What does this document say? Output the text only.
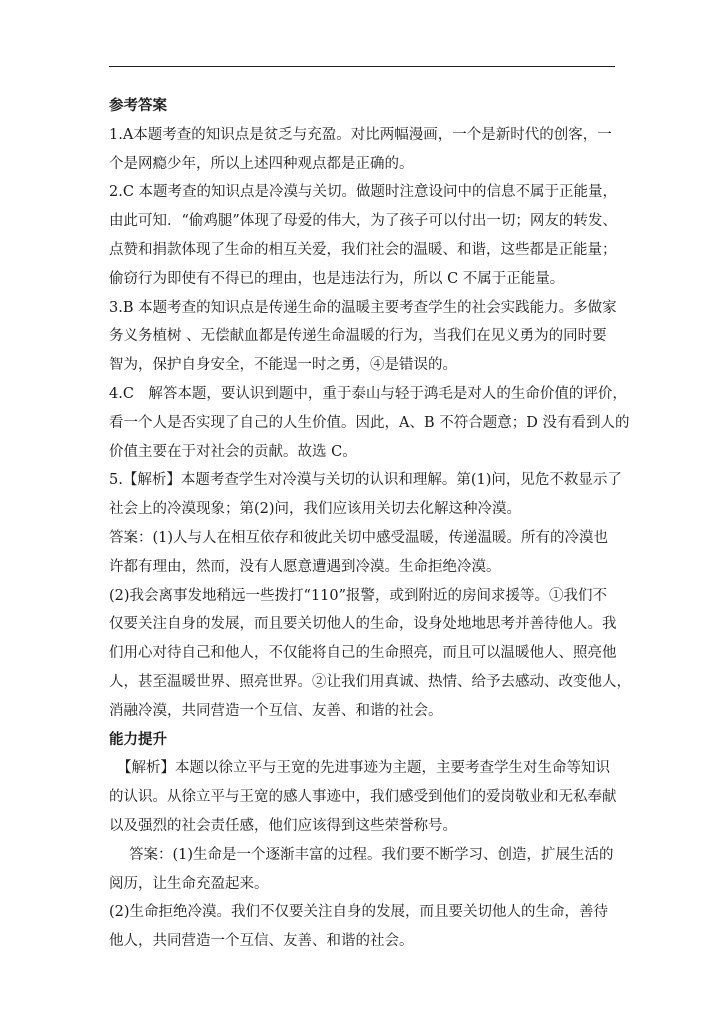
参考答案
1.A本题考查的知识点是贫乏与充盈。对比两幅漫画，一个是新时代的创客，一
个是网瘾少年，所以上述四种观点都是正确的。
2.C 本题考查的知识点是冷漠与关切。做题时注意设问中的信息不属于正能量，
由此可知．“偷鸡腿”体现了母爱的伟大，为了孩子可以付出一切；网友的转发、
点赞和捐款体现了生命的相互关爱，我们社会的温暖、和谐，这些都是正能量；
偷窃行为即使有不得已的理由，也是违法行为，所以 C 不属于正能量。
3.B 本题考查的知识点是传递生命的温暖主要考查学生的社会实践能力。多做家
务义务植树 、无偿献血都是传递生命温暖的行为，当我们在见义勇为的同时要
智为，保护自身安全，不能逞一时之勇，④是错误的。
4.C　解答本题，要认识到题中，重于泰山与轻于鸿毛是对人的生命价值的评价，
看一个人是否实现了自己的人生价值。因此，A、B 不符合题意；D 没有看到人的
价值主要在于对社会的贡献。故选 C。
5.【解析】本题考查学生对冷漠与关切的认识和理解。第(1)问，见危不救显示了
社会上的冷漠现象；第(2)问，我们应该用关切去化解这种冷漠。
答案：(1)人与人在相互依存和彼此关切中感受温暖，传递温暖。所有的冷漠也
许都有理由，然而，没有人愿意遭遇到冷漠。生命拒绝冷漠。
(2)我会离事发地稍远一些拨打“110”报警，或到附近的房间求援等。①我们不
仅要关注自身的发展，而且要关切他人的生命，设身处地地思考并善待他人。我
们用心对待自己和他人，不仅能将自己的生命照亮，而且可以温暖他人、照亮他
人，甚至温暖世界、照亮世界。②让我们用真诚、热情、给予去感动、改变他人，
消融冷漠，共同营造一个互信、友善、和谐的社会。
能力提升
【解析】本题以徐立平与王宽的先进事迹为主题，主要考查学生对生命等知识
的认识。从徐立平与王宽的感人事迹中，我们感受到他们的爱岗敬业和无私奉献
以及强烈的社会责任感，他们应该得到这些荣誉称号。
答案：(1)生命是一个逐渐丰富的过程。我们要不断学习、创造，扩展生活的
阅历，让生命充盈起来。
(2)生命拒绝冷漠。我们不仅要关注自身的发展，而且要关切他人的生命，善待
他人，共同营造一个互信、友善、和谐的社会。
